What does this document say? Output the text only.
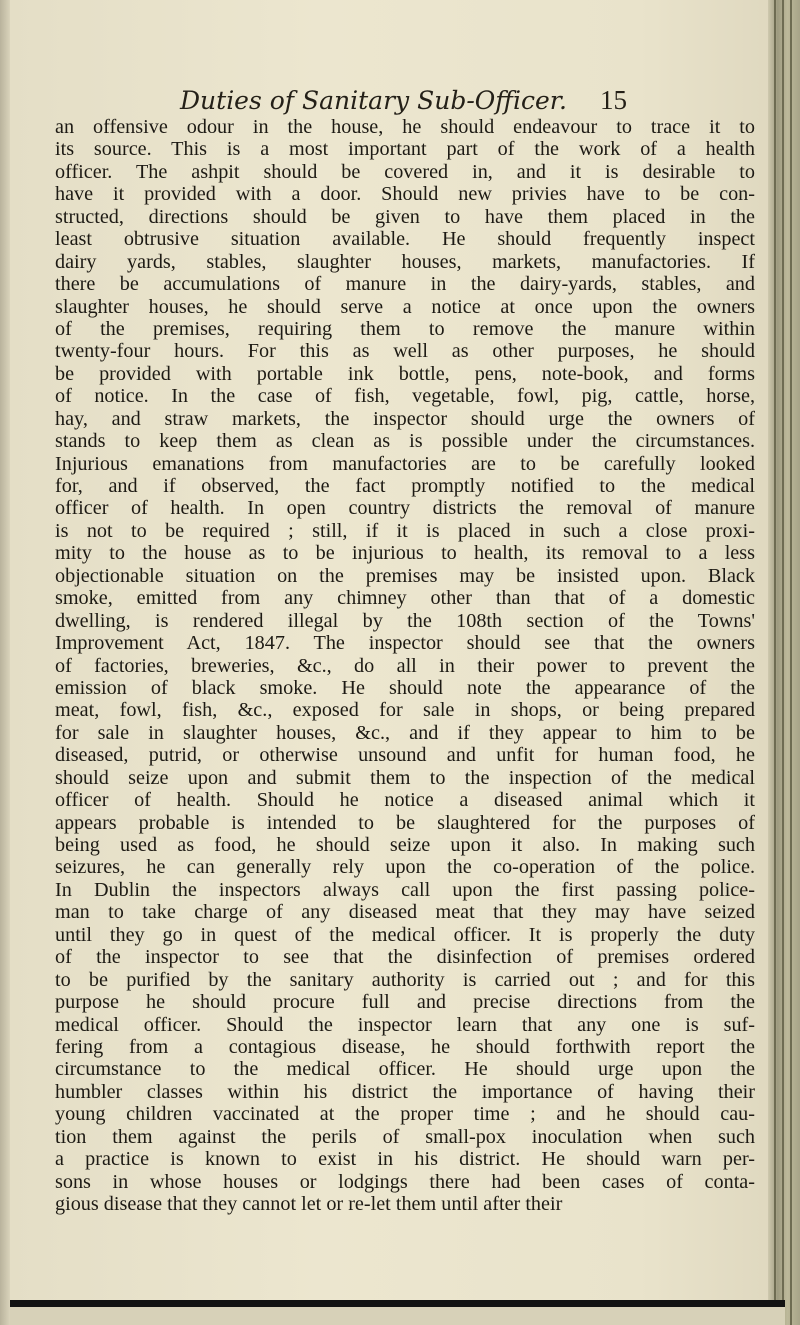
Duties of Sanitary Sub-Officer.	15
an offensive odour in the house, he should endeavour to trace it to
its source. This is a most important part of the work of a health
officer. The ashpit should be covered in, and it is desirable to
have it provided with a door. Should new privies have to be con-
structed, directions should be given to have them placed in the
least obtrusive situation available. He should frequently inspect
dairy yards, stables, slaughter houses, markets, manufactories. If
there be accumulations of manure in the dairy-yards, stables, and
slaughter houses, he should serve a notice at once upon the owners
of the premises, requiring them to remove the manure within
twenty-four hours. For this as well as other purposes, he should
be provided with portable ink bottle, pens, note-book, and forms
of notice. In the case of fish, vegetable, fowl, pig, cattle, horse,
hay, and straw markets, the inspector should urge the owners of
stands to keep them as clean as is possible under the circumstances.
Injurious emanations from manufactories are to be carefully looked
for, and if observed, the fact promptly notified to the medical
officer of health. In open country districts the removal of manure
is not to be required ; still, if it is placed in such a close proxi-
mity to the house as to be injurious to health, its removal to a less
objectionable situation on the premises may be insisted upon. Black
smoke, emitted from any chimney other than that of a domestic
dwelling, is rendered illegal by the 108th section of the Towns'
Improvement Act, 1847. The inspector should see that the owners
of factories, breweries, &c., do all in their power to prevent the
emission of black smoke. He should note the appearance of the
meat, fowl, fish, &c., exposed for sale in shops, or being prepared
for sale in slaughter houses, &c., and if they appear to him to be
diseased, putrid, or otherwise unsound and unfit for human food, he
should seize upon and submit them to the inspection of the medical
officer of health. Should he notice a diseased animal which it
appears probable is intended to be slaughtered for the purposes of
being used as food, he should seize upon it also. In making such
seizures, he can generally rely upon the co-operation of the police.
In Dublin the inspectors always call upon the first passing police-
man to take charge of any diseased meat that they may have seized
until they go in quest of the medical officer. It is properly the duty
of the inspector to see that the disinfection of premises ordered
to be purified by the sanitary authority is carried out ; and for this
purpose he should procure full and precise directions from the
medical officer. Should the inspector learn that any one is suf-
fering from a contagious disease, he should forthwith report the
circumstance to the medical officer. He should urge upon the
humbler classes within his district the importance of having their
young children vaccinated at the proper time ; and he should cau-
tion them against the perils of small-pox inoculation when such
a practice is known to exist in his district. He should warn per-
sons in whose houses or lodgings there had been cases of conta-
gious disease that they cannot let or re-let them until after their
